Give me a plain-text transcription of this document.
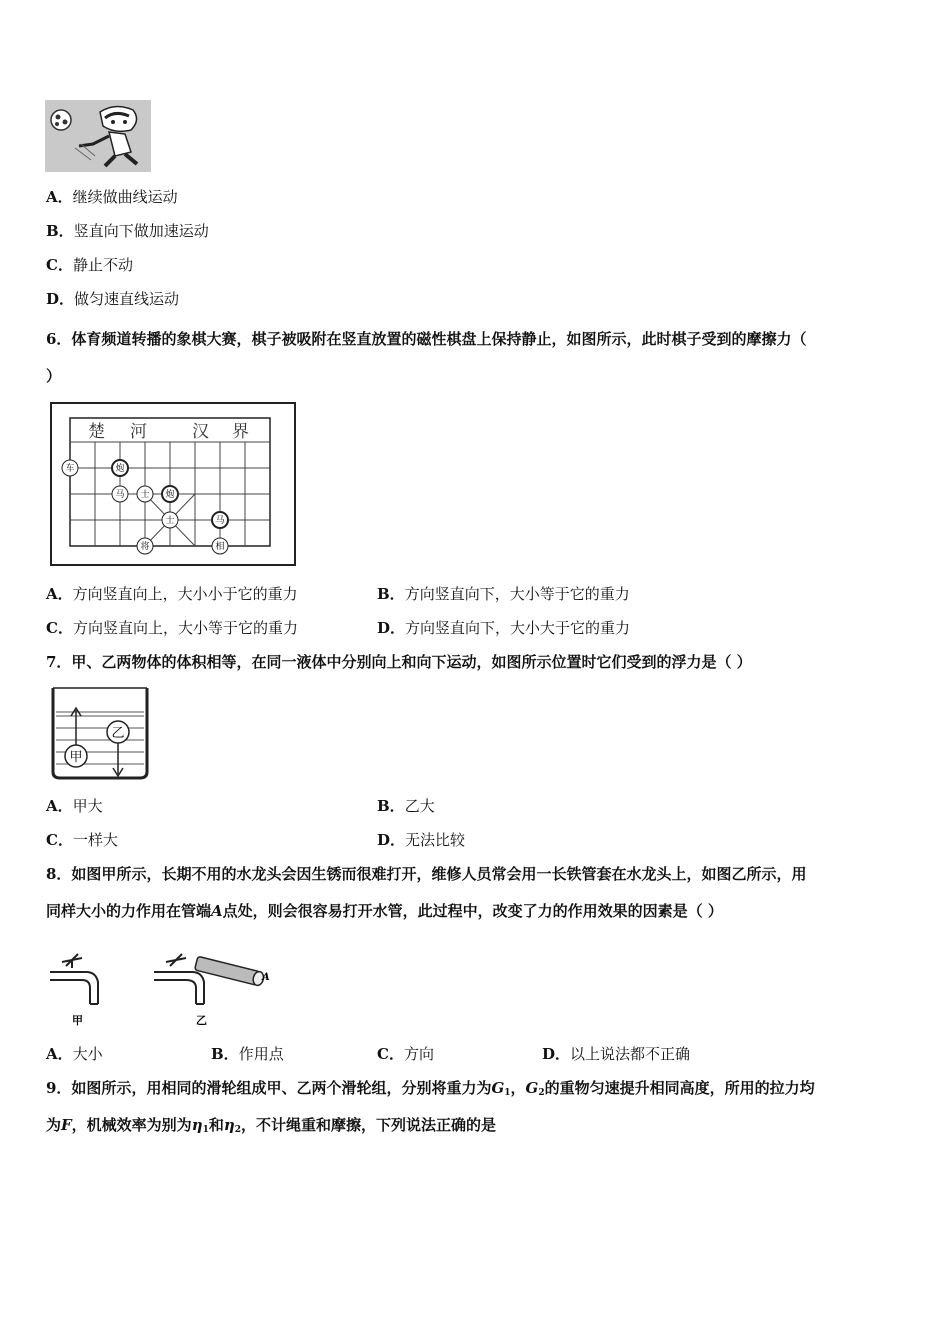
A．继续做曲线运动
B．竖直向下做加速运动
C．静止不动
D．做匀速直线运动
6．体育频道转播的象棋大赛，棋子被吸附在竖直放置的磁性棋盘上保持静止，如图所示，此时棋子受到的摩擦力（
）
楚 河	汉 界
车	炮
马 士 炮
士
将
马
相
A．方向竖直向上，大小小于它的重力	B．方向竖直向下，大小等于它的重力
C．方向竖直向上，大小等于它的重力	D．方向竖直向下，大小大于它的重力
7．甲、乙两物体的体积相等，在同一液体中分别向上和向下运动，如图所示位置时它们受到的浮力是（ ）
甲
乙
A．甲大	B．乙大
C．一样大	D．无法比较
8．如图甲所示，长期不用的水龙头会因生锈而很难打开，维修人员常会用一长铁管套在水龙头上，如图乙所示，用
同样大小的力作用在管端A点处，则会很容易打开水管，此过程中，改变了力的作用效果的因素是（ ）
甲	乙
A
A．大小	B．作用点	C．方向	D．以上说法都不正确
9．如图所示，用相同的滑轮组成甲、乙两个滑轮组，分别将重力为$G_1$，$G_2$的重物匀速提升相同高度，所用的拉力均
为F，机械效率为别为$\eta_1$和$\eta_2$，不计绳重和摩擦，下列说法正确的是
